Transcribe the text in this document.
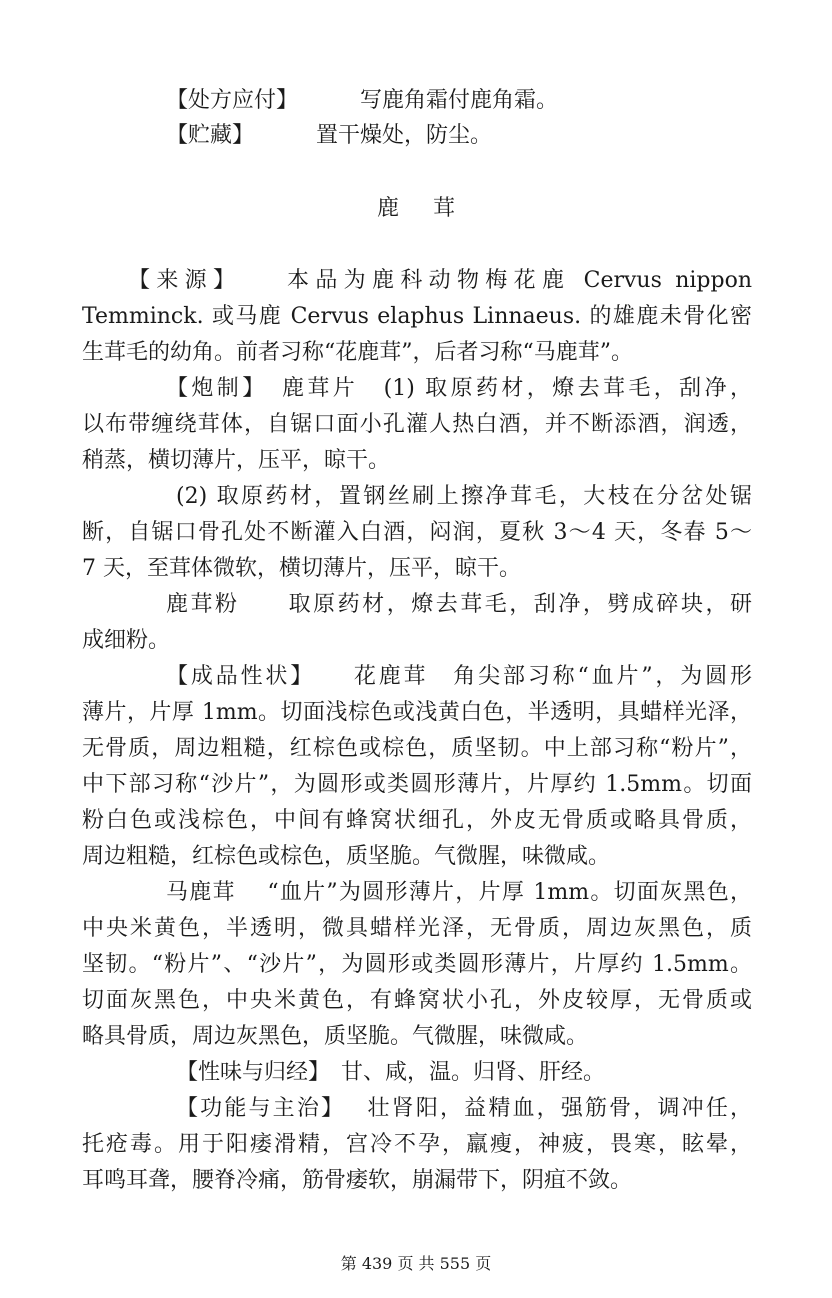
【处方应付】	写鹿角霜付鹿角霜。
【贮藏】	置干燥处，防尘。
鹿 茸
【来源】　　本品为鹿科动物梅花鹿 Cervus nippon
Temminck. 或马鹿 Cervus elaphus Linnaeus. 的雄鹿未骨化密
生茸毛的幼角。前者习称“花鹿茸”，后者习称“马鹿茸”。
【炮制】　鹿茸片　(1) 取原药材，燎去茸毛，刮净，
以布带缠绕茸体，自锯口面小孔灌人热白酒，并不断添酒，润透，
稍蒸，横切薄片，压平，晾干。
(2) 取原药材，置钢丝刷上擦净茸毛，大枝在分岔处锯
断，自锯口骨孔处不断灌入白酒，闷润，夏秋 3～4 天，冬春 5～
7 天，至茸体微软，横切薄片，压平，晾干。
鹿茸粉　　取原药材，燎去茸毛，刮净，劈成碎块，研
成细粉。
【成品性状】　　花鹿茸　角尖部习称“血片”，为圆形
薄片，片厚 1mm。切面浅棕色或浅黄白色，半透明，具蜡样光泽，
无骨质，周边粗糙，红棕色或棕色，质坚韧。中上部习称“粉片”，
中下部习称“沙片”，为圆形或类圆形薄片，片厚约 1.5mm。切面
粉白色或浅棕色，中间有蜂窝状细孔，外皮无骨质或略具骨质，
周边粗糙，红棕色或棕色，质坚脆。气微腥，味微咸。
马鹿茸　 “血片”为圆形薄片，片厚 1mm。切面灰黑色，
中央米黄色，半透明，微具蜡样光泽，无骨质，周边灰黑色，质
坚韧。“粉片”、“沙片”，为圆形或类圆形薄片，片厚约 1.5mm。
切面灰黑色，中央米黄色，有蜂窝状小孔，外皮较厚，无骨质或
略具骨质，周边灰黑色，质坚脆。气微腥，味微咸。
【性味与归经】　甘、咸，温。归肾、肝经。
【功能与主治】　 壮肾阳，益精血，强筋骨，调冲任，
托疮毒。用于阳痿滑精，宫冷不孕，羸瘦，神疲，畏寒，眩晕，
耳鸣耳聋，腰脊冷痛，筋骨痿软，崩漏带下，阴疽不敛。
第 439 页 共 555 页
